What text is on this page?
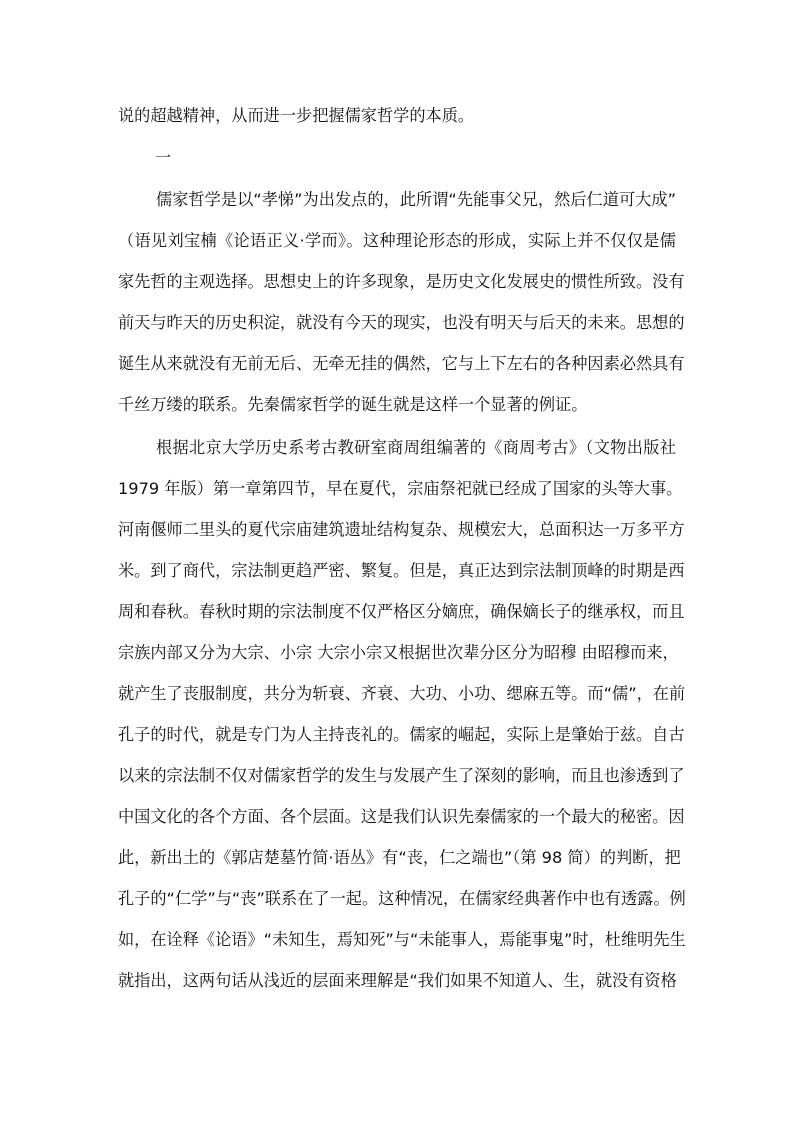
说的超越精神，从而进一步把握儒家哲学的本质。
一
儒家哲学是以“孝悌”为出发点的，此所谓“先能事父兄，然后仁道可大成”
（语见刘宝楠《论语正义·学而》。这种理论形态的形成，实际上并不仅仅是儒
家先哲的主观选择。思想史上的许多现象，是历史文化发展史的惯性所致。没有
前天与昨天的历史积淀，就没有今天的现实，也没有明天与后天的未来。思想的
诞生从来就没有无前无后、无牵无挂的偶然，它与上下左右的各种因素必然具有
千丝万缕的联系。先秦儒家哲学的诞生就是这样一个显著的例证。
根据北京大学历史系考古教研室商周组编著的《商周考古》（文物出版社
1979 年版）第一章第四节，早在夏代，宗庙祭祀就已经成了国家的头等大事。
河南偃师二里头的夏代宗庙建筑遗址结构复杂、规模宏大，总面积达一万多平方
米。到了商代，宗法制更趋严密、繁复。但是，真正达到宗法制顶峰的时期是西
周和春秋。春秋时期的宗法制度不仅严格区分嫡庶，确保嫡长子的继承权，而且
宗族内部又分为大宗、小宗 大宗小宗又根据世次辈分区分为昭穆 由昭穆而来，
就产生了丧服制度，共分为斩衰、齐衰、大功、小功、缌麻五等。而“儒”，在前
孔子的时代，就是专门为人主持丧礼的。儒家的崛起，实际上是肇始于兹。自古
以来的宗法制不仅对儒家哲学的发生与发展产生了深刻的影响，而且也渗透到了
中国文化的各个方面、各个层面。这是我们认识先秦儒家的一个最大的秘密。因
此，新出土的《郭店楚墓竹简·语丛》有“丧，仁之端也”（第 98 简）的判断，把
孔子的“仁学”与“丧”联系在了一起。这种情况，在儒家经典著作中也有透露。例
如，在诠释《论语》“未知生，焉知死”与“未能事人，焉能事鬼”时，杜维明先生
就指出，这两句话从浅近的层面来理解是“我们如果不知道人、生，就没有资格
